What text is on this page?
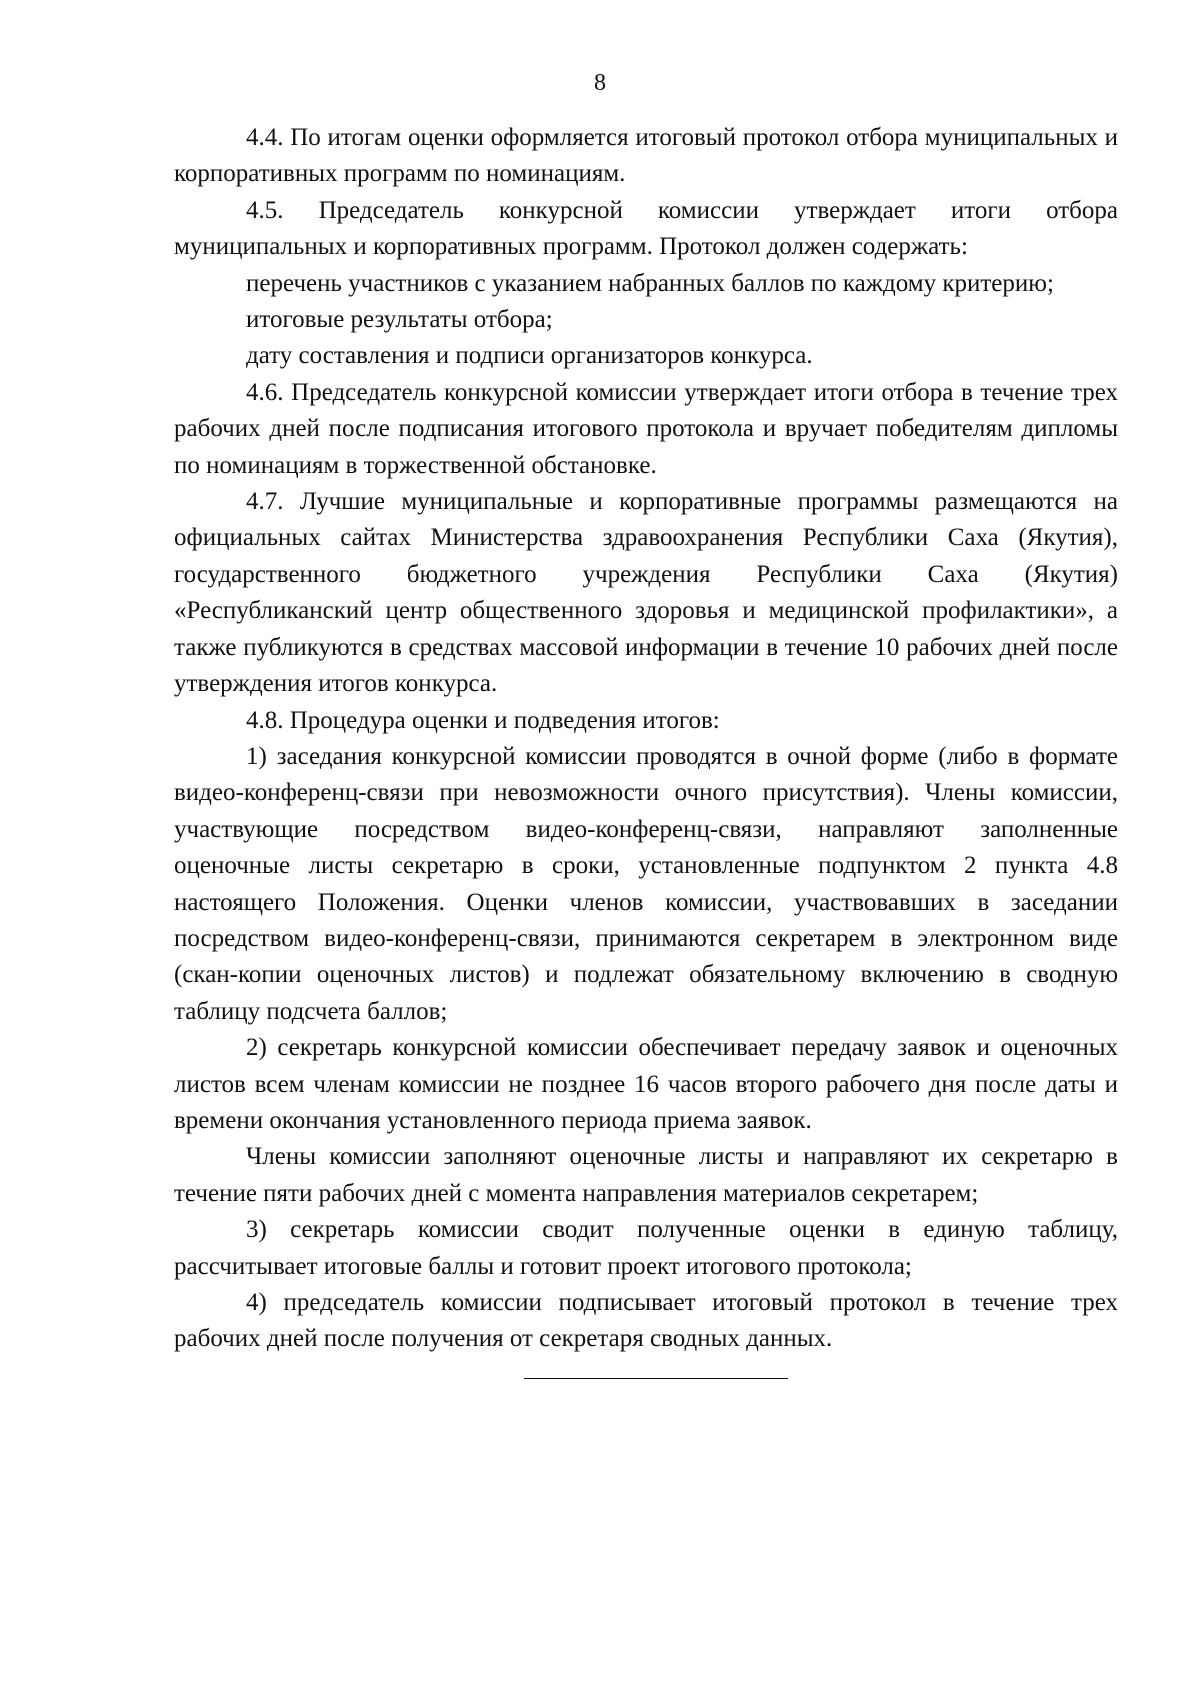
8

4.4. По итогам оценки оформляется итоговый протокол отбора муниципальных и корпоративных программ по номинациям.

4.5. Председатель конкурсной комиссии утверждает итоги отбора муниципальных и корпоративных программ. Протокол должен содержать:

перечень участников с указанием набранных баллов по каждому критерию;

итоговые результаты отбора;

дату составления и подписи организаторов конкурса.

4.6. Председатель конкурсной комиссии утверждает итоги отбора в течение трех рабочих дней после подписания итогового протокола и вручает победителям дипломы по номинациям в торжественной обстановке.

4.7. Лучшие муниципальные и корпоративные программы размещаются на официальных сайтах Министерства здравоохранения Республики Саха (Якутия), государственного бюджетного учреждения Республики Саха (Якутия) «Республиканский центр общественного здоровья и медицинской профилактики», а также публикуются в средствах массовой информации в течение 10 рабочих дней после утверждения итогов конкурса.

4.8. Процедура оценки и подведения итогов:

1) заседания конкурсной комиссии проводятся в очной форме (либо в формате видео-конференц-связи при невозможности очного присутствия). Члены комиссии, участвующие посредством видео-конференц-связи, направляют заполненные оценочные листы секретарю в сроки, установленные подпунктом 2 пункта 4.8 настоящего Положения. Оценки членов комиссии, участвовавших в заседании посредством видео-конференц-связи, принимаются секретарем в электронном виде (скан-копии оценочных листов) и подлежат обязательному включению в сводную таблицу подсчета баллов;

2) секретарь конкурсной комиссии обеспечивает передачу заявок и оценочных листов всем членам комиссии не позднее 16 часов второго рабочего дня после даты и времени окончания установленного периода приема заявок.

Члены комиссии заполняют оценочные листы и направляют их секретарю в течение пяти рабочих дней с момента направления материалов секретарем;

3) секретарь комиссии сводит полученные оценки в единую таблицу, рассчитывает итоговые баллы и готовит проект итогового протокола;

4) председатель комиссии подписывает итоговый протокол в течение трех рабочих дней после получения от секретаря сводных данных.
